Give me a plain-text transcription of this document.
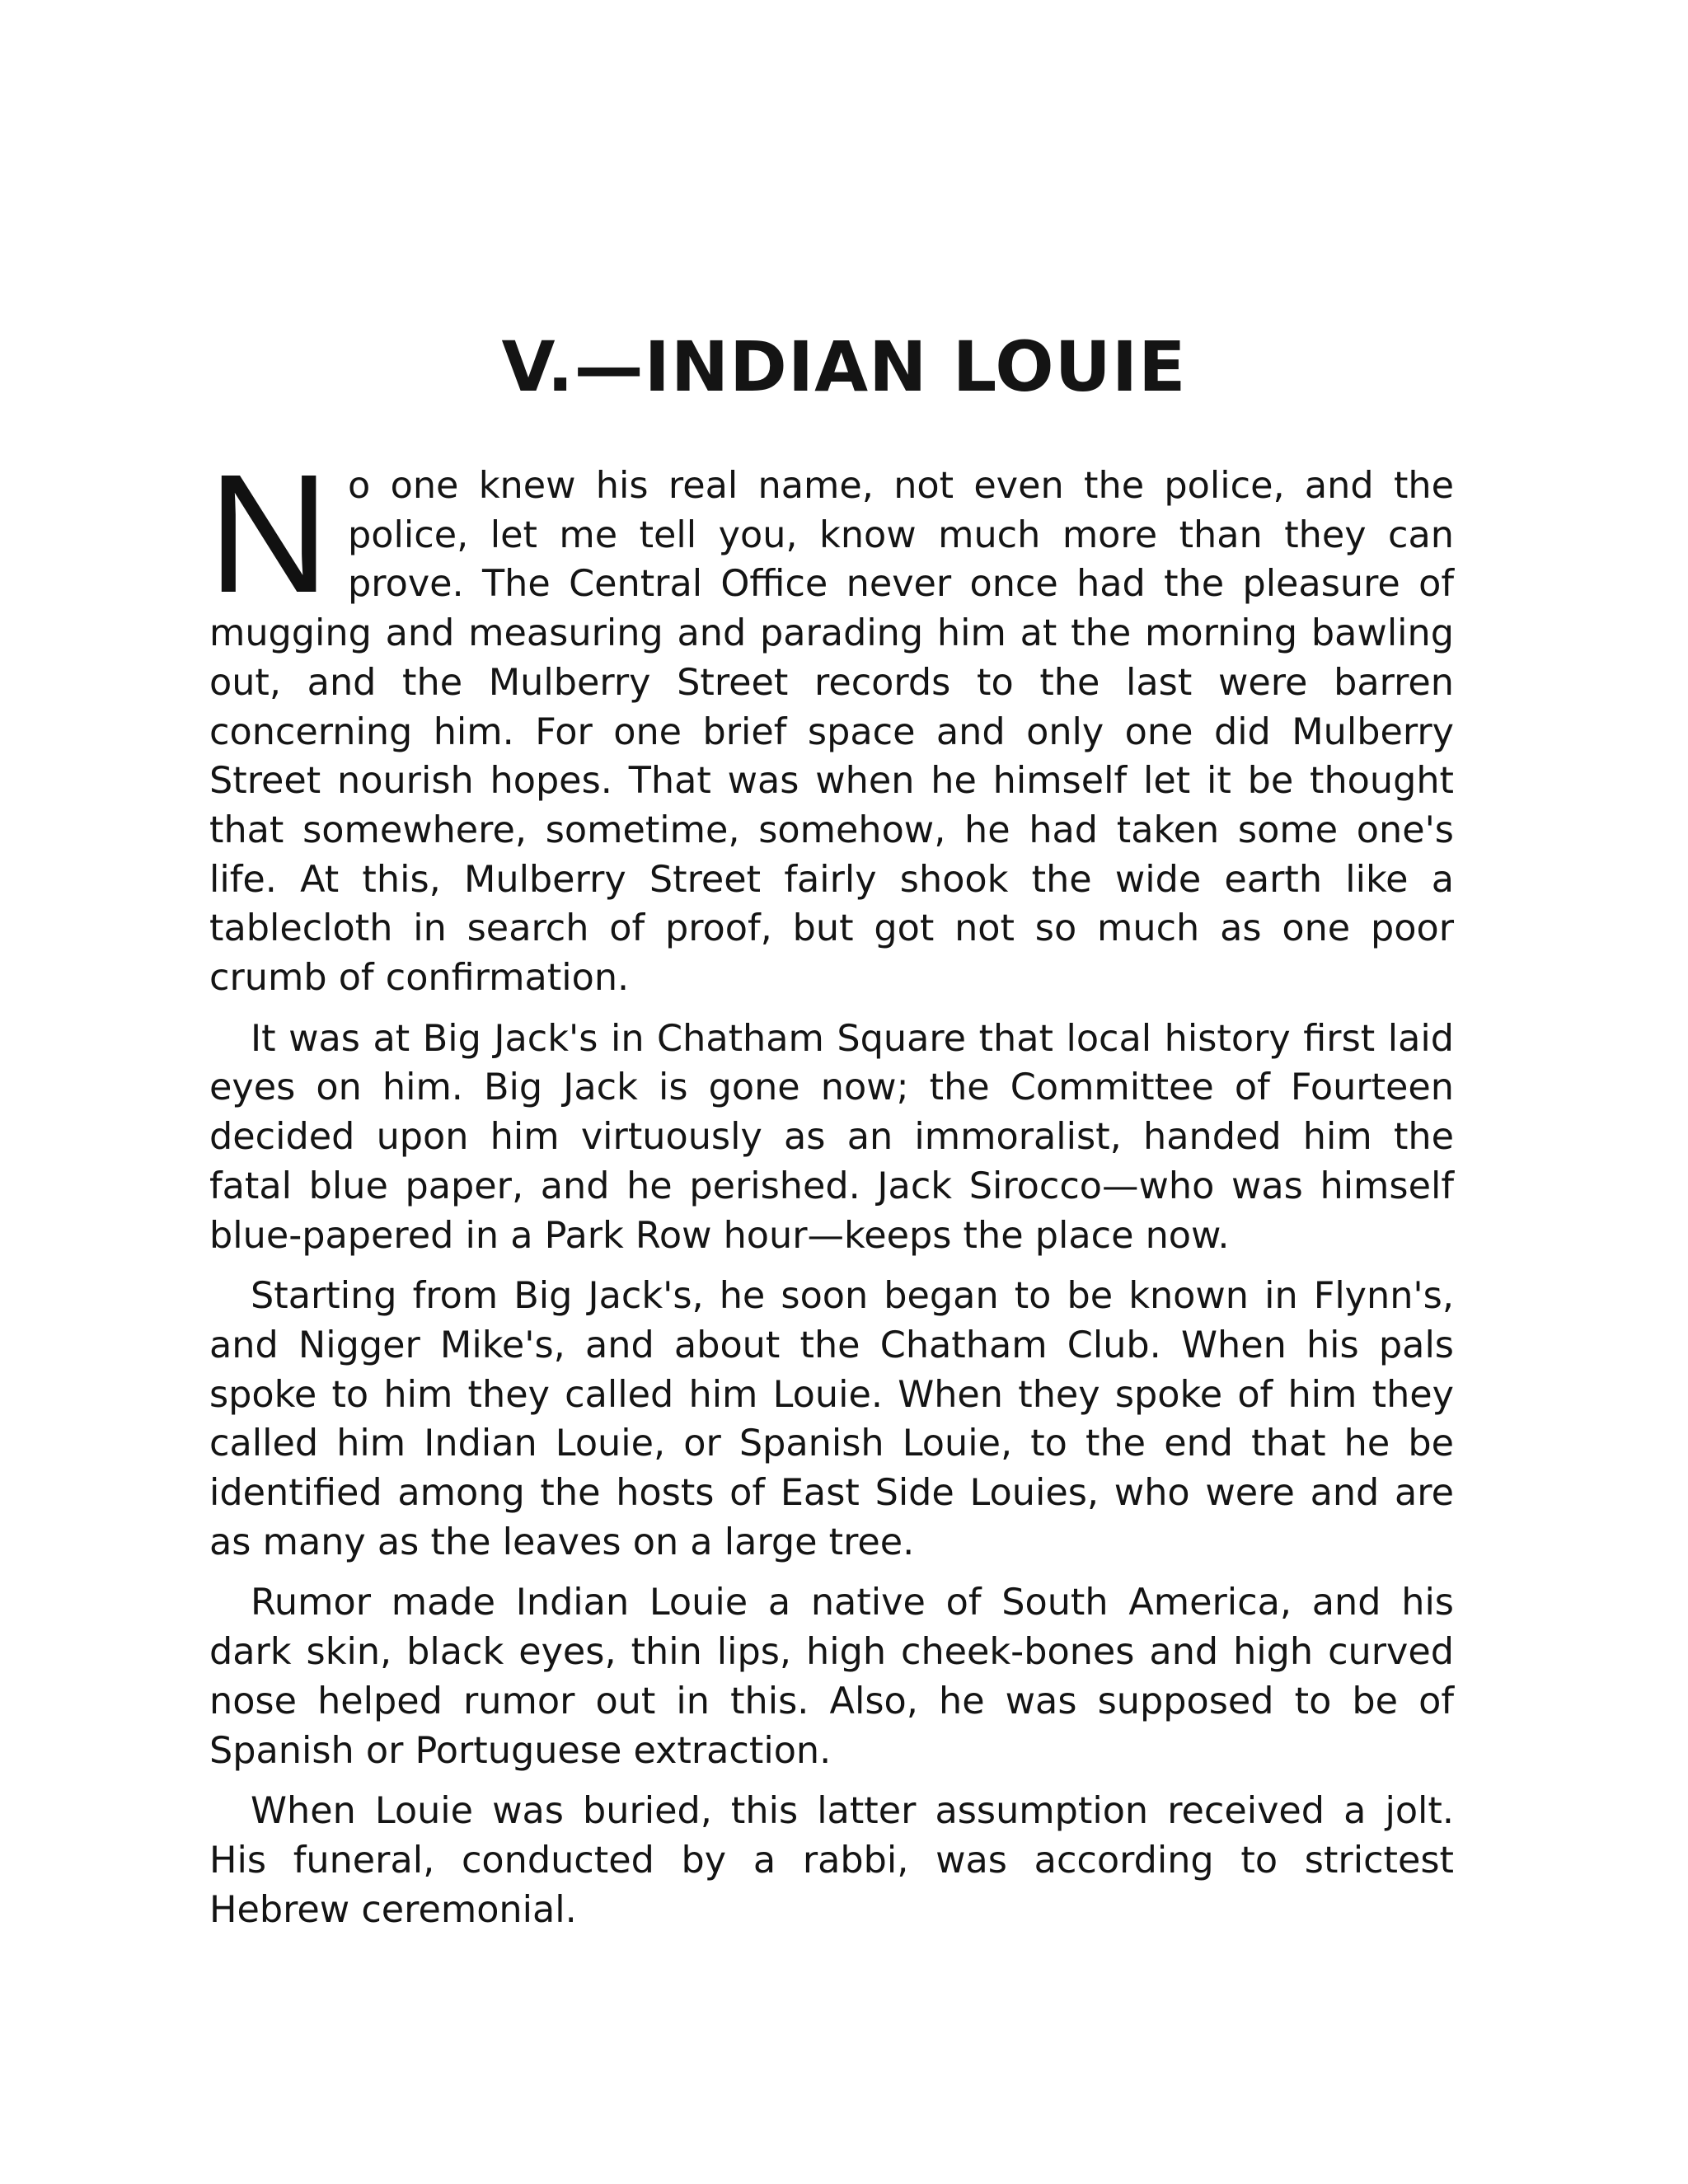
V.—INDIAN LOUIE

No one knew his real name, not even the police, and the police, let me tell you, know much more than they can prove. The Central Office never once had the pleasure of mugging and measuring and parading him at the morning bawling out, and the Mulberry Street records to the last were barren concerning him. For one brief space and only one did Mulberry Street nourish hopes. That was when he himself let it be thought that somewhere, sometime, somehow, he had taken some one's life. At this, Mulberry Street fairly shook the wide earth like a tablecloth in search of proof, but got not so much as one poor crumb of confirmation.

It was at Big Jack's in Chatham Square that local history first laid eyes on him. Big Jack is gone now; the Committee of Fourteen decided upon him virtuously as an immoralist, handed him the fatal blue paper, and he perished. Jack Sirocco—who was himself blue-papered in a Park Row hour—keeps the place now.

Starting from Big Jack's, he soon began to be known in Flynn's, and Nigger Mike's, and about the Chatham Club. When his pals spoke to him they called him Louie. When they spoke of him they called him Indian Louie, or Spanish Louie, to the end that he be identified among the hosts of East Side Louies, who were and are as many as the leaves on a large tree.

Rumor made Indian Louie a native of South America, and his dark skin, black eyes, thin lips, high cheek-bones and high curved nose helped rumor out in this. Also, he was supposed to be of Spanish or Portuguese extraction.

When Louie was buried, this latter assumption received a jolt. His funeral, conducted by a rabbi, was according to strictest Hebrew ceremonial.
